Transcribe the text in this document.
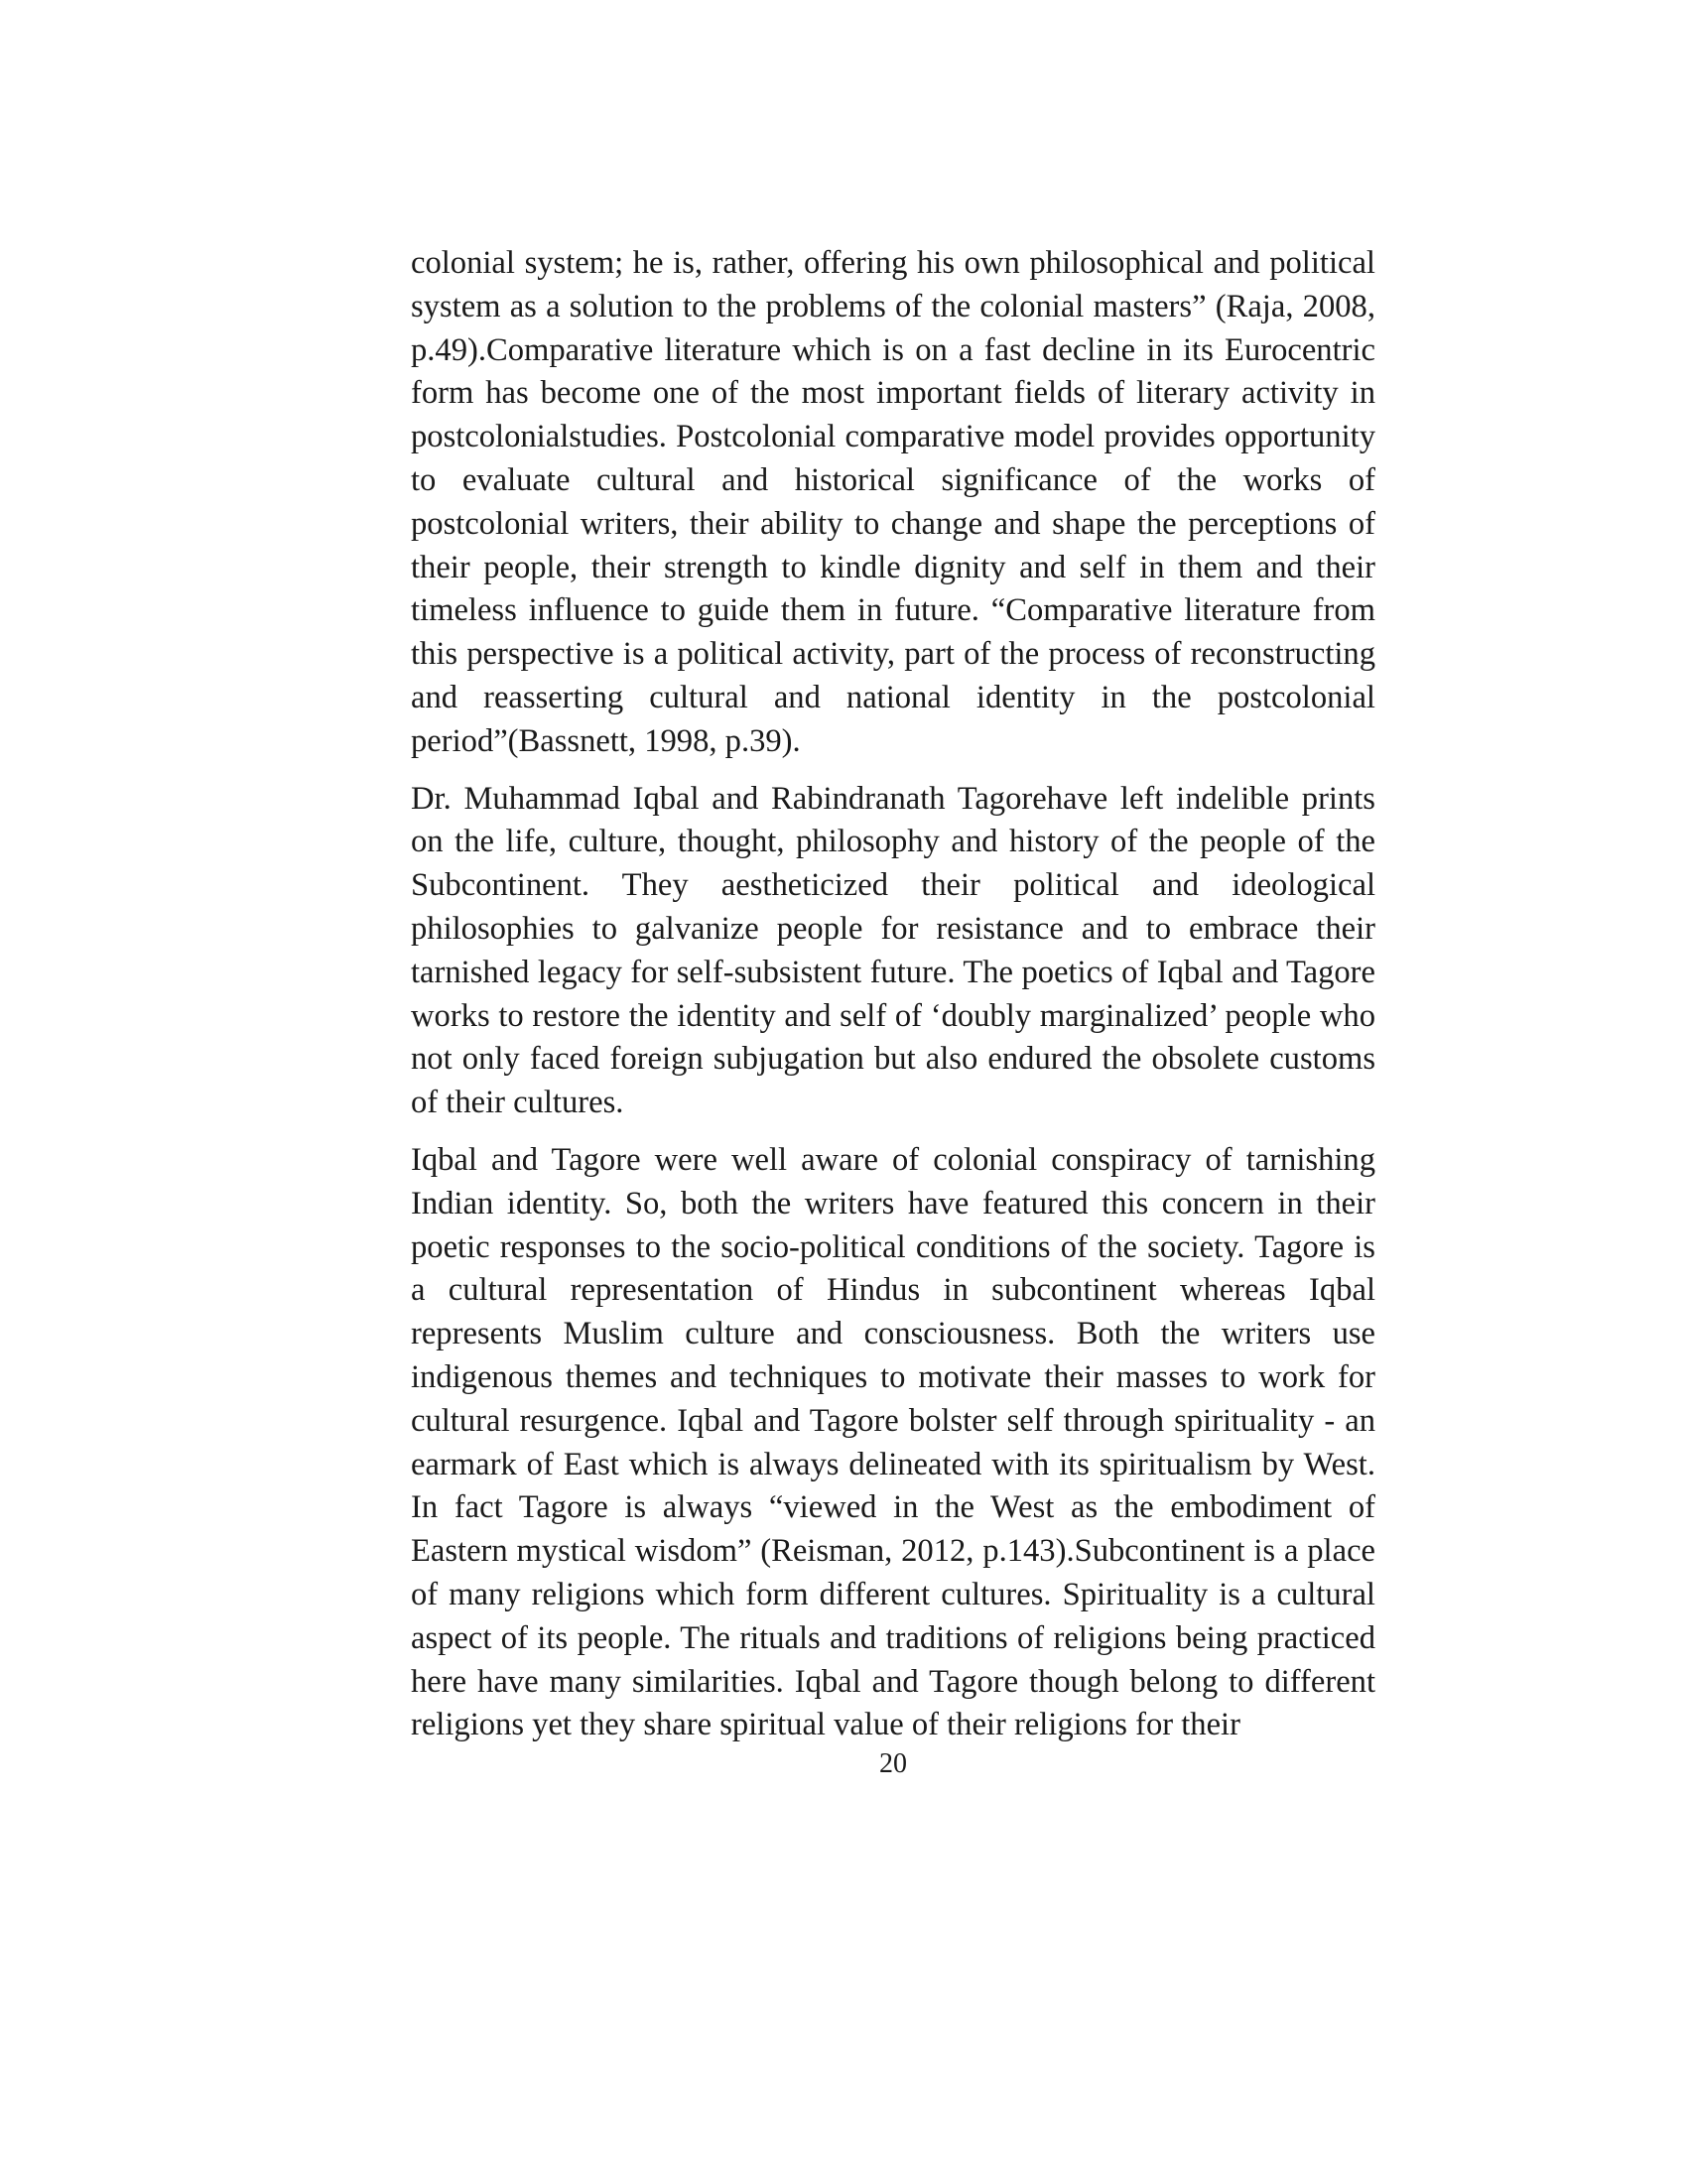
colonial system; he is, rather, offering his own philosophical and political system as a solution to the problems of the colonial masters” (Raja, 2008, p.49).Comparative literature which is on a fast decline in its Eurocentric form has become one of the most important fields of literary activity in postcolonialstudies. Postcolonial comparative model provides opportunity to evaluate cultural and historical significance of the works of postcolonial writers, their ability to change and shape the perceptions of their people, their strength to kindle dignity and self in them and their timeless influence to guide them in future. “Comparative literature from this perspective is a political activity, part of the process of reconstructing and reasserting cultural and national identity in the postcolonial period”(Bassnett, 1998, p.39).

Dr. Muhammad Iqbal and Rabindranath Tagorehave left indelible prints on the life, culture, thought, philosophy and history of the people of the Subcontinent. They aestheticized their political and ideological philosophies to galvanize people for resistance and to embrace their tarnished legacy for self-subsistent future. The poetics of Iqbal and Tagore works to restore the identity and self of ‘doubly marginalized’ people who not only faced foreign subjugation but also endured the obsolete customs of their cultures.

Iqbal and Tagore were well aware of colonial conspiracy of tarnishing Indian identity. So, both the writers have featured this concern in their poetic responses to the socio-political conditions of the society. Tagore is a cultural representation of Hindus in subcontinent whereas Iqbal represents Muslim culture and consciousness. Both the writers use indigenous themes and techniques to motivate their masses to work for cultural resurgence. Iqbal and Tagore bolster self through spirituality - an earmark of East which is always delineated with its spiritualism by West. In fact Tagore is always “viewed in the West as the embodiment of Eastern mystical wisdom” (Reisman, 2012, p.143).Subcontinent is a place of many religions which form different cultures. Spirituality is a cultural aspect of its people. The rituals and traditions of religions being practiced here have many similarities. Iqbal and Tagore though belong to different religions yet they share spiritual value of their religions for their

20
